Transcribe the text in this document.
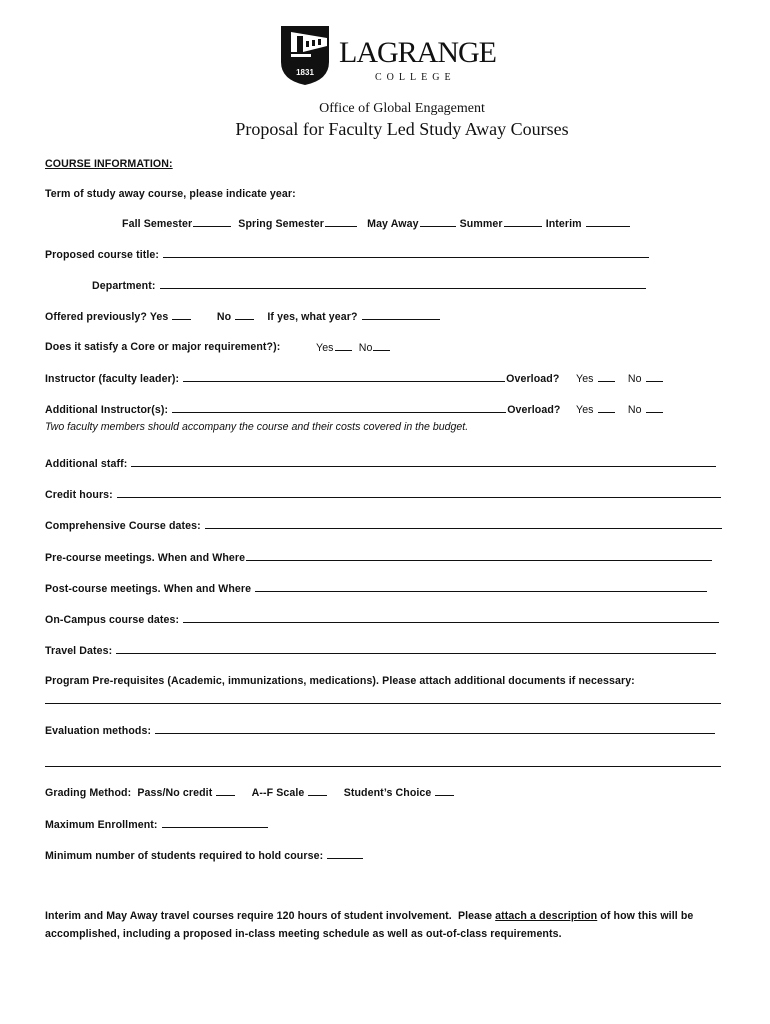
1831
LAGRANGE
COLLEGE
Office of Global Engagement
Proposal for Faculty Led Study Away Courses
COURSE INFORMATION:
Term of study away course, please indicate year:
Fall Semester	Spring Semester	May Away	Summer	Interim
Proposed course title:
Department:
Offered previously? Yes	No	If yes, what year?
Does it satisfy a Core or major requirement?):	Yes No
Instructor (faculty leader):	Overload? Yes	No
Additional Instructor(s):	Overload? Yes	No
Two faculty members should accompany the course and their costs covered in the budget.
Additional staff:
Credit hours:
Comprehensive Course dates:
Pre-course meetings. When and Where
Post-course meetings. When and Where
On-Campus course dates:
Travel Dates:
Program Pre-requisites (Academic, immunizations, medications). Please attach additional documents if necessary:
Evaluation methods:
Grading Method: Pass/No credit	A--F Scale	Student’s Choice
Maximum Enrollment:
Minimum number of students required to hold course:
Interim and May Away travel courses require 120 hours of student involvement.  Please attach a description of how this will be
accomplished, including a proposed in-class meeting schedule as well as out-of-class requirements.
